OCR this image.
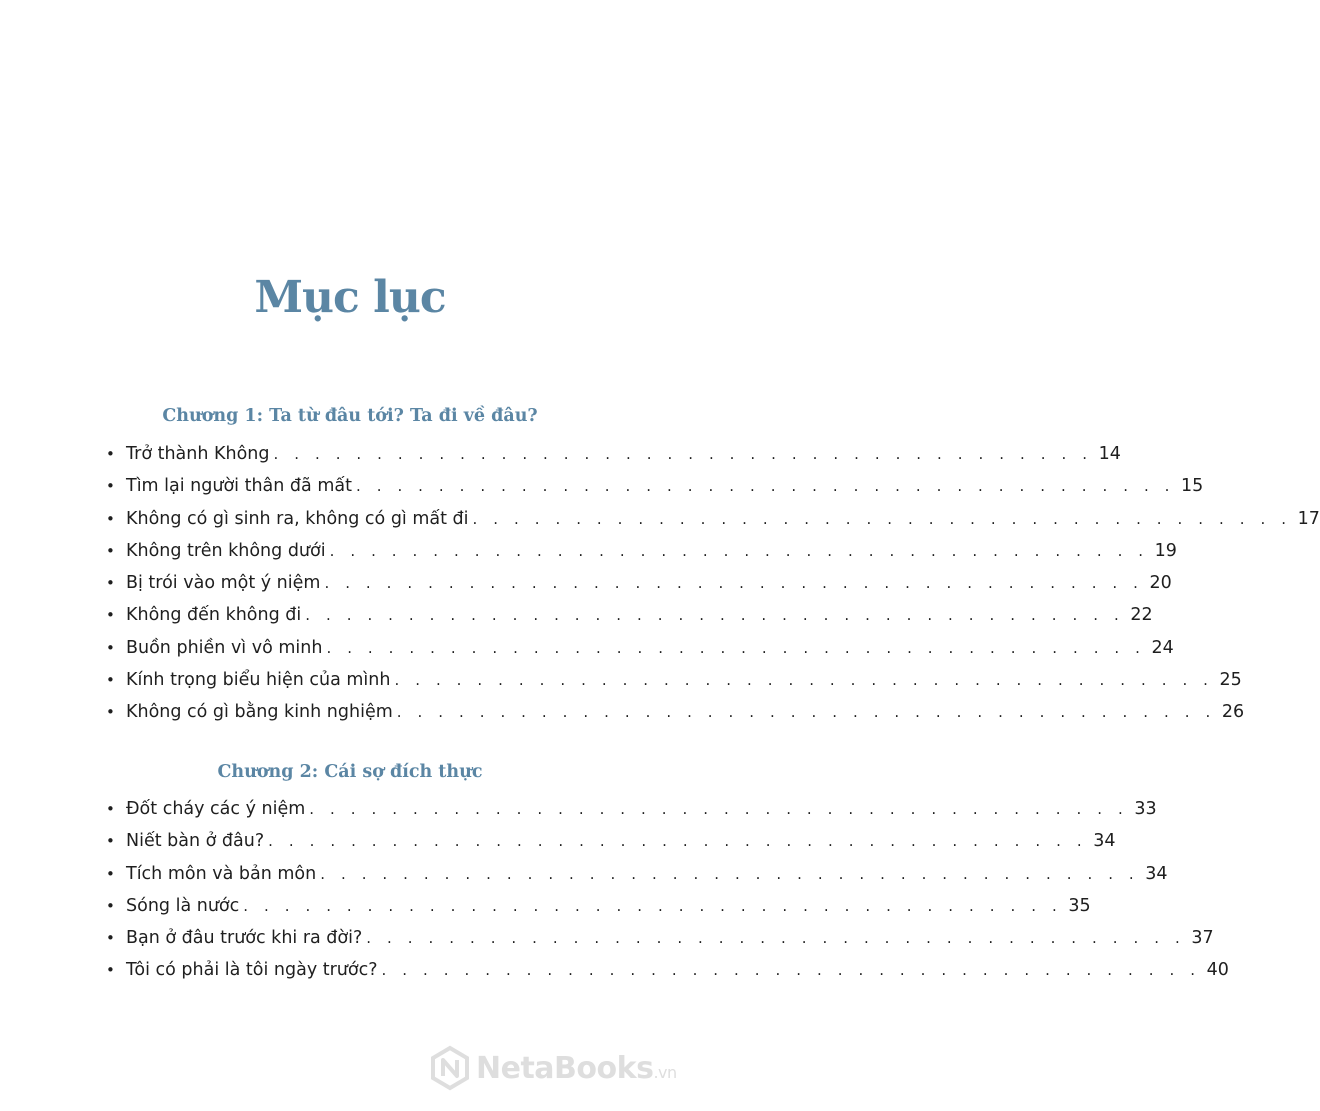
Mục lục
Chương 1: Ta từ đâu tới? Ta đi về đâu?
• Trở thành Không . . . . . . . . . . . . . . . . . . . . . . . . . . . . . . . . . . . . . . . . 14
• Tìm lại người thân đã mất . . . . . . . . . . . . . . . . . . . . . . . . . . . . . . . . . . . . . . . . 15
• Không có gì sinh ra, không có gì mất đi . . . . . . . . . . . . . . . . . . . . . . . . . . . . . . . . . . . . . . . . 17
• Không trên không dưới . . . . . . . . . . . . . . . . . . . . . . . . . . . . . . . . . . . . . . . . 19
• Bị trói vào một ý niệm . . . . . . . . . . . . . . . . . . . . . . . . . . . . . . . . . . . . . . . . 20
• Không đến không đi . . . . . . . . . . . . . . . . . . . . . . . . . . . . . . . . . . . . . . . . 22
• Buồn phiền vì vô minh . . . . . . . . . . . . . . . . . . . . . . . . . . . . . . . . . . . . . . . . 24
• Kính trọng biểu hiện của mình . . . . . . . . . . . . . . . . . . . . . . . . . . . . . . . . . . . . . . . . 25
• Không có gì bằng kinh nghiệm . . . . . . . . . . . . . . . . . . . . . . . . . . . . . . . . . . . . . . . . 26
Chương 2: Cái sợ đích thực
• Đốt cháy các ý niệm . . . . . . . . . . . . . . . . . . . . . . . . . . . . . . . . . . . . . . . . 33
• Niết bàn ở đâu? . . . . . . . . . . . . . . . . . . . . . . . . . . . . . . . . . . . . . . . . 34
• Tích môn và bản môn . . . . . . . . . . . . . . . . . . . . . . . . . . . . . . . . . . . . . . . . 34
• Sóng là nước . . . . . . . . . . . . . . . . . . . . . . . . . . . . . . . . . . . . . . . . 35
• Bạn ở đâu trước khi ra đời? . . . . . . . . . . . . . . . . . . . . . . . . . . . . . . . . . . . . . . . . 37
• Tôi có phải là tôi ngày trước? . . . . . . . . . . . . . . . . . . . . . . . . . . . . . . . . . . . . . . . . 40
NetaBooks.vn
